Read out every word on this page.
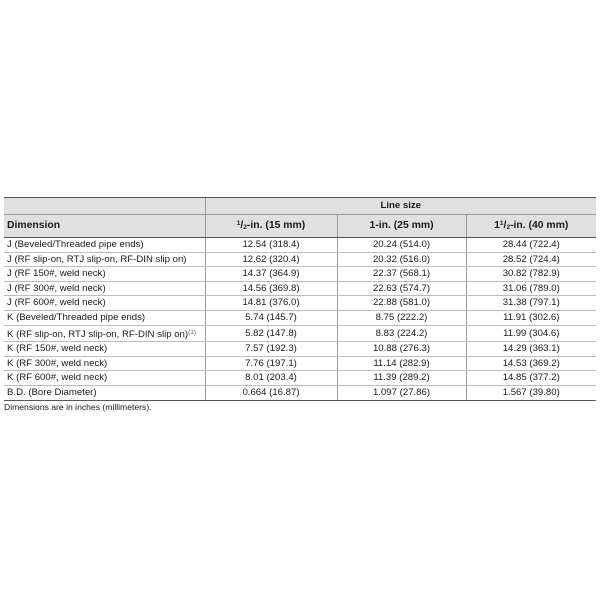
	Line size		
Dimension	$^1/_2-in$. (15 mm)	1-in. (25 mm)	$1^1/_2-in$. (40 mm)
J (Beveled/Threaded pipe ends)	12.54 (318.4)	20.24 (514.0)	28.44 (722.4)
J (RF slip-on, RTJ slip-on, RF-DIN slip on)	12.62 (320.4)	20.32 (516.0)	28.52 (724.4)
J (RF 150#, weld neck)	14.37 (364.9)	22.37 (568.1)	30.82 (782.9)
J (RF 300#, weld neck)	14.56 (369.8)	22.63 (574.7)	31.06 (789.0)
J (RF 600#, weld neck)	14.81 (376.0)	22.88 (581.0)	31.38 (797.1)
K (Beveled/Threaded pipe ends)	5.74 (145.7)	8.75 (222.2)	11.91 (302.6)
K (RF slip-on, RTJ slip-on, RF-DIN slip on)$^{(1)}$	5.82 (147.8)	8.83 (224.2)	11.99 (304.6)
K (RF 150#, weld neck)	7.57 (192.3)	10.88 (276.3)	14.29 (363.1)
K (RF 300#, weld neck)	7.76 (197.1)	11.14 (282.9)	14.53 (369.2)
K (RF 600#, weld neck)	8.01 (203.4)	11.39 (289.2)	14.85 (377.2)
B.D. (Bore Diameter)	0.664 (16.87)	1.097 (27.86)	1.567 (39.80)
Dimensions are in inches (millimeters).
